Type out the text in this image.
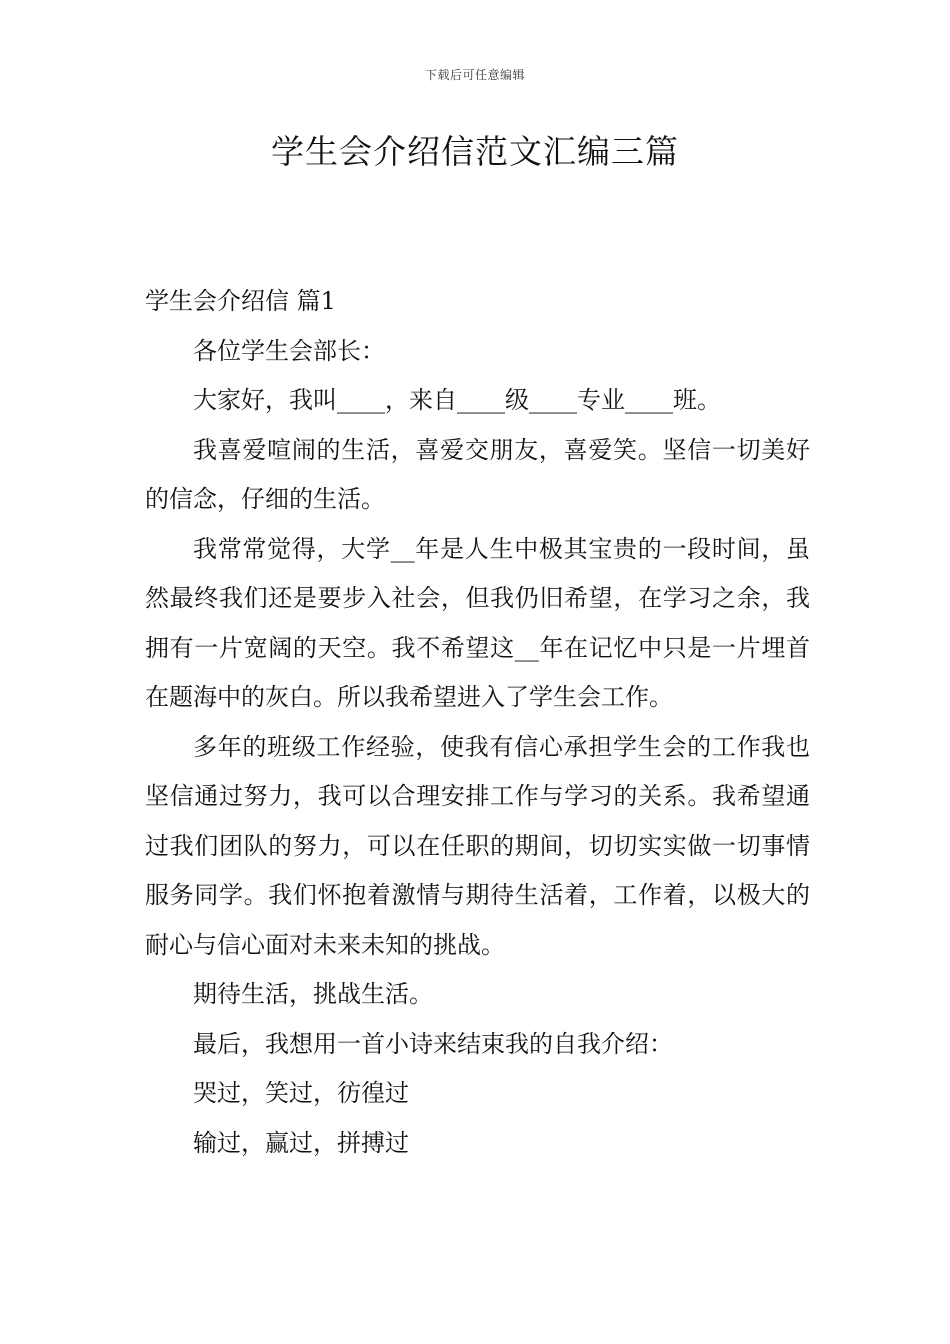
下载后可任意编辑
学生会介绍信范文汇编三篇
学生会介绍信 篇1

各位学生会部长：

大家好，我叫____，来自____级____专业____班。

我喜爱喧闹的生活，喜爱交朋友，喜爱笑。坚信一切美好的信念，仔细的生活。

我常常觉得，大学__年是人生中极其宝贵的一段时间，虽然最终我们还是要步入社会，但我仍旧希望，在学习之余，我拥有一片宽阔的天空。我不希望这__年在记忆中只是一片埋首在题海中的灰白。所以我希望进入了学生会工作。

多年的班级工作经验，使我有信心承担学生会的工作我也坚信通过努力，我可以合理安排工作与学习的关系。我希望通过我们团队的努力，可以在任职的期间，切切实实做一切事情服务同学。我们怀抱着激情与期待生活着，工作着，以极大的耐心与信心面对未来未知的挑战。

期待生活，挑战生活。

最后，我想用一首小诗来结束我的自我介绍：

哭过，笑过，彷徨过

输过，赢过，拼搏过
